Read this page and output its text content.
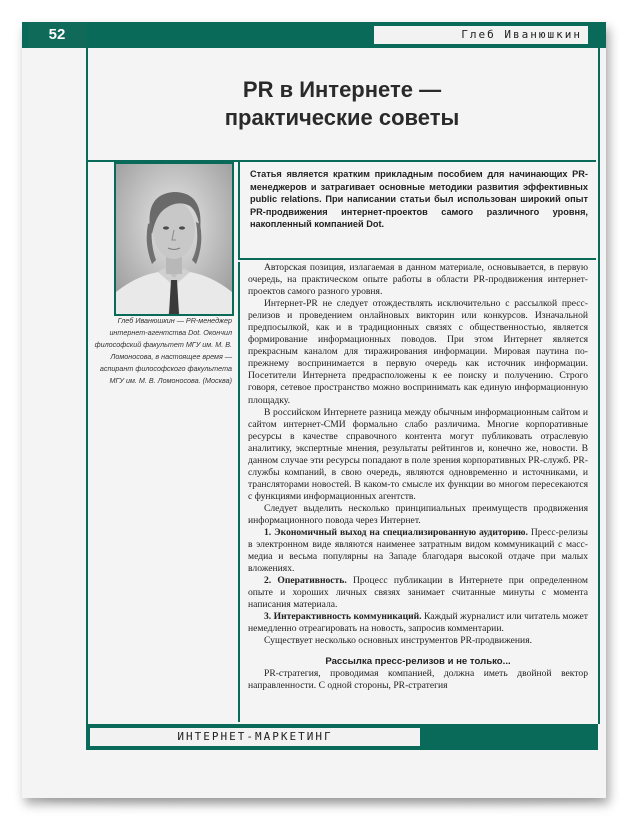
52	Глеб Иванюшкин
PR в Интернете —
практические советы
Глеб Иванюшкин — PR-менеджер интернет-агентства Dot. Окончил философский факультет МГУ им. М. В. Ломоносова, в настоящее время — аспирант философского факультета МГУ им. М. В. Ломоносова. (Москва)
Статья является кратким прикладным пособием для начинающих PR-менеджеров и затрагивает основные методики развития эффективных public relations. При написании статьи был использован широкий опыт PR-продвижения интернет-проектов самого различного уровня, накопленный компанией Dot.

Авторская позиция, излагаемая в данном материале, основывается, в первую очередь, на практическом опыте работы в области PR-продвижения интернет-проектов самого разного уровня.

Интернет-PR не следует отождествлять исключительно с рассылкой пресс-релизов и проведением онлайновых викторин или конкурсов. Изначальной предпосылкой, как и в традиционных связях с общественностью, является формирование информационных поводов. При этом Интернет является прекрасным каналом для тиражирования информации. Мировая паутина по-прежнему воспринимается в первую очередь как источник информации. Посетители Интернета предрасположены к ее поиску и получению. Строго говоря, сетевое пространство можно воспринимать как единую информационную площадку.

В российском Интернете разница между обычным информационным сайтом и сайтом интернет-СМИ формально слабо различима. Многие корпоративные ресурсы в качестве справочного контента могут публиковать отраслевую аналитику, экспертные мнения, результаты рейтингов и, конечно же, новости. В данном случае эти ресурсы попадают в поле зрения корпоративных PR-служб. PR-службы компаний, в свою очередь, являются одновременно и источниками, и трансляторами новостей. В каком-то смысле их функции во многом пересекаются с функциями информационных агентств.

Следует выделить несколько принципиальных преимуществ продвижения информационного повода через Интернет.

1. Экономичный выход на специализированную аудиторию. Пресс-релизы в электронном виде являются наименее затратным видом коммуникаций с масс-медиа и весьма популярны на Западе благодаря высокой отдаче при малых вложениях.

2. Оперативность. Процесс публикации в Интернете при определенном опыте и хороших личных связях занимает считанные минуты с момента написания материала.

3. Интерактивность коммуникаций. Каждый журналист или читатель может немедленно отреагировать на новость, запросив комментарии.

Существует несколько основных инструментов PR-продвижения.

Рассылка пресс-релизов и не только...

PR-стратегия, проводимая компанией, должна иметь двойной вектор направленности. С одной стороны, PR-стратегия

ИНТЕРНЕТ-МАРКЕТИНГ
